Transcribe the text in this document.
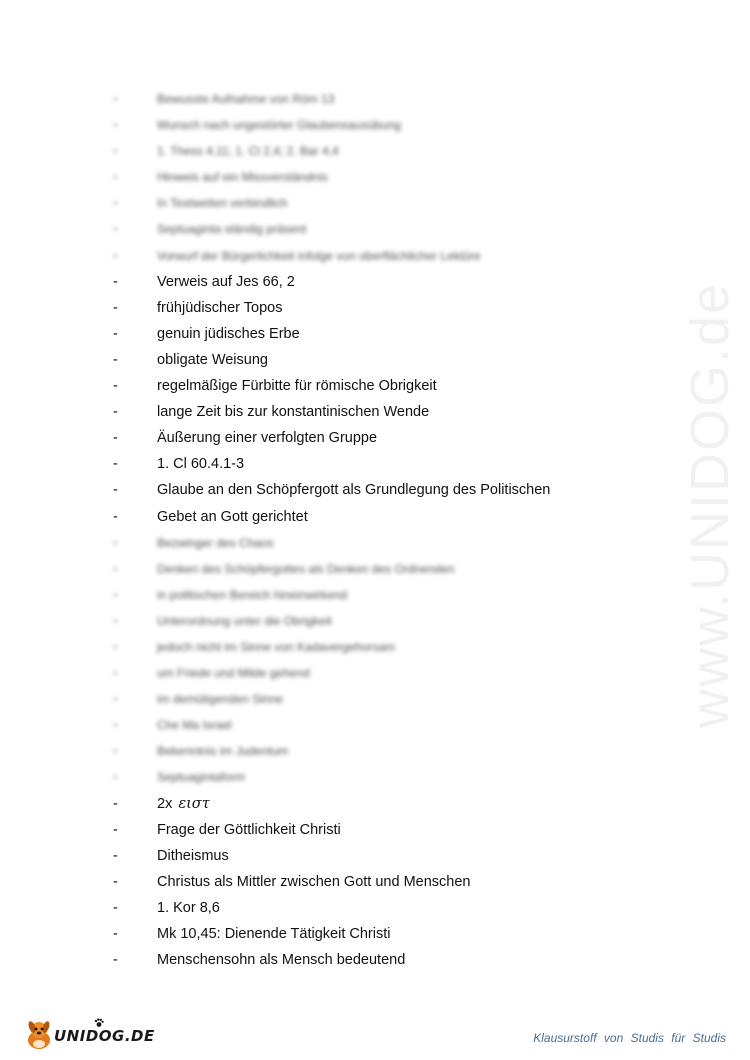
www.UNIDOG.de
-	Bewusste Aufnahme von Röm 13
-	Wunsch nach ungestörter Glaubensausübung
-	1. Thess 4,11; 1. Cl 2,4; 2. Bar 4,4
-	Hinweis auf ein Missverständnis
-	In Textweiten verbindlich
-	Septuaginta ständig präsent
-	Vorwurf der Bürgerlichkeit infolge von oberflächlicher Lektüre
-	Verweis auf Jes 66, 2
-	frühjüdischer Topos
-	genuin jüdisches Erbe
-	obligate Weisung
-	regelmäßige Fürbitte für römische Obrigkeit
-	lange Zeit bis zur konstantinischen Wende
-	Äußerung einer verfolgten Gruppe
-	1. Cl 60.4.1-3
-	Glaube an den Schöpfergott als Grundlegung des Politischen
-	Gebet an Gott gerichtet
-	Bezwinger des Chaos
-	Denken des Schöpfergottes als Denken des Ordnenden
-	in politischen Bereich hineinwirkend
-	Unterordnung unter die Obrigkeit
-	jedoch nicht im Sinne von Kadavergehorsam
-	um Friede und Milde gehend
-	im demütigenden Sinne
-	Che Ma Israel
-	Bekenntnis im Judentum
-	Septuagintaform
-	2x ειστ
-	Frage der Göttlichkeit Christi
-	Ditheismus
-	Christus als Mittler zwischen Gott und Menschen
-	1. Kor 8,6
-	Mk 10,45: Dienende Tätigkeit Christi
-	Menschensohn als Mensch bedeutend
UNIDOG.DE	Klausurstoff von Studis für Studis
